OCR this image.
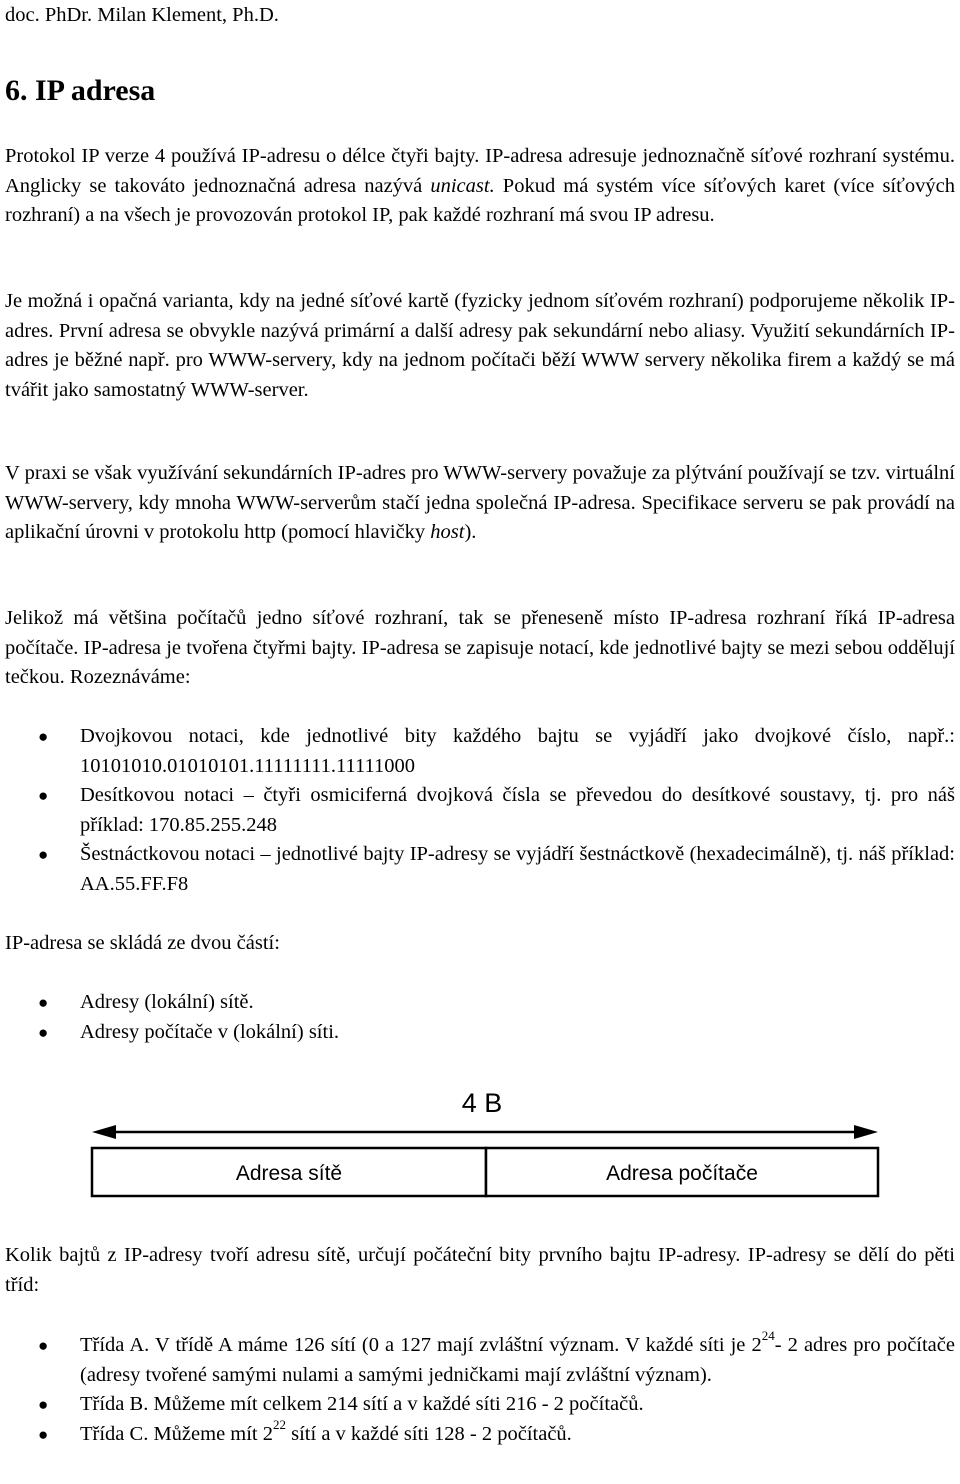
doc. PhDr. Milan Klement, Ph.D.
6. IP adresa

Protokol IP verze 4 používá IP-adresu o délce čtyři bajty. IP-adresa adresuje jednoznačně síťové rozhraní systému. Anglicky se takováto jednoznačná adresa nazývá unicast. Pokud má systém více síťových karet (více síťových rozhraní) a na všech je provozován protokol IP, pak každé rozhraní má svou IP adresu.

Je možná i opačná varianta, kdy na jedné síťové kartě (fyzicky jednom síťovém rozhraní) podporujeme několik IP-adres. První adresa se obvykle nazývá primární a další adresy pak sekundární nebo aliasy. Využití sekundárních IP-adres je běžné např. pro WWW-servery, kdy na jednom počítači běží WWW servery několika firem a každý se má tvářit jako samostatný WWW-server.

V praxi se však využívání sekundárních IP-adres pro WWW-servery považuje za plýtvání používají se tzv. virtuální WWW-servery, kdy mnoha WWW-serverům stačí jedna společná IP-adresa. Specifikace serveru se pak provádí na aplikační úrovni v protokolu http (pomocí hlavičky host).

Jelikož má většina počítačů jedno síťové rozhraní, tak se přeneseně místo IP-adresa rozhraní říká IP-adresa počítače. IP-adresa je tvořena čtyřmi bajty. IP-adresa se zapisuje notací, kde jednotlivé bajty se mezi sebou oddělují tečkou. Rozeznáváme:

● Dvojkovou notaci, kde jednotlivé bity každého bajtu se vyjádří jako dvojkové číslo, např.: 10101010.01010101.11111111.11111000
● Desítkovou notaci – čtyři osmiciferná dvojková čísla se převedou do desítkové soustavy, tj. pro náš příklad: 170.85.255.248
● Šestnáctkovou notaci – jednotlivé bajty IP-adresy se vyjádří šestnáctkově (hexadecimálně), tj. náš příklad: AA.55.FF.F8

IP-adresa se skládá ze dvou částí:

● Adresy (lokální) sítě.
● Adresy počítače v (lokální) síti.
4 B
Adresa sítě	Adresa počítače

Kolik bajtů z IP-adresy tvoří adresu sítě, určují počáteční bity prvního bajtu IP-adresy. IP-adresy se dělí do pěti tříd:

● Třída A. V třídě A máme 126 sítí (0 a 127 mají zvláštní význam. V každé síti je $2^{24}-$ 2 adres pro počítače (adresy tvořené samými nulami a samými jedničkami mají zvláštní význam).
● Třída B. Můžeme mít celkem 214 sítí a v každé síti 216 - 2 počítačů.
● Třída C. Můžeme mít $2^{22}$ sítí a v každé síti 128 - 2 počítačů.
